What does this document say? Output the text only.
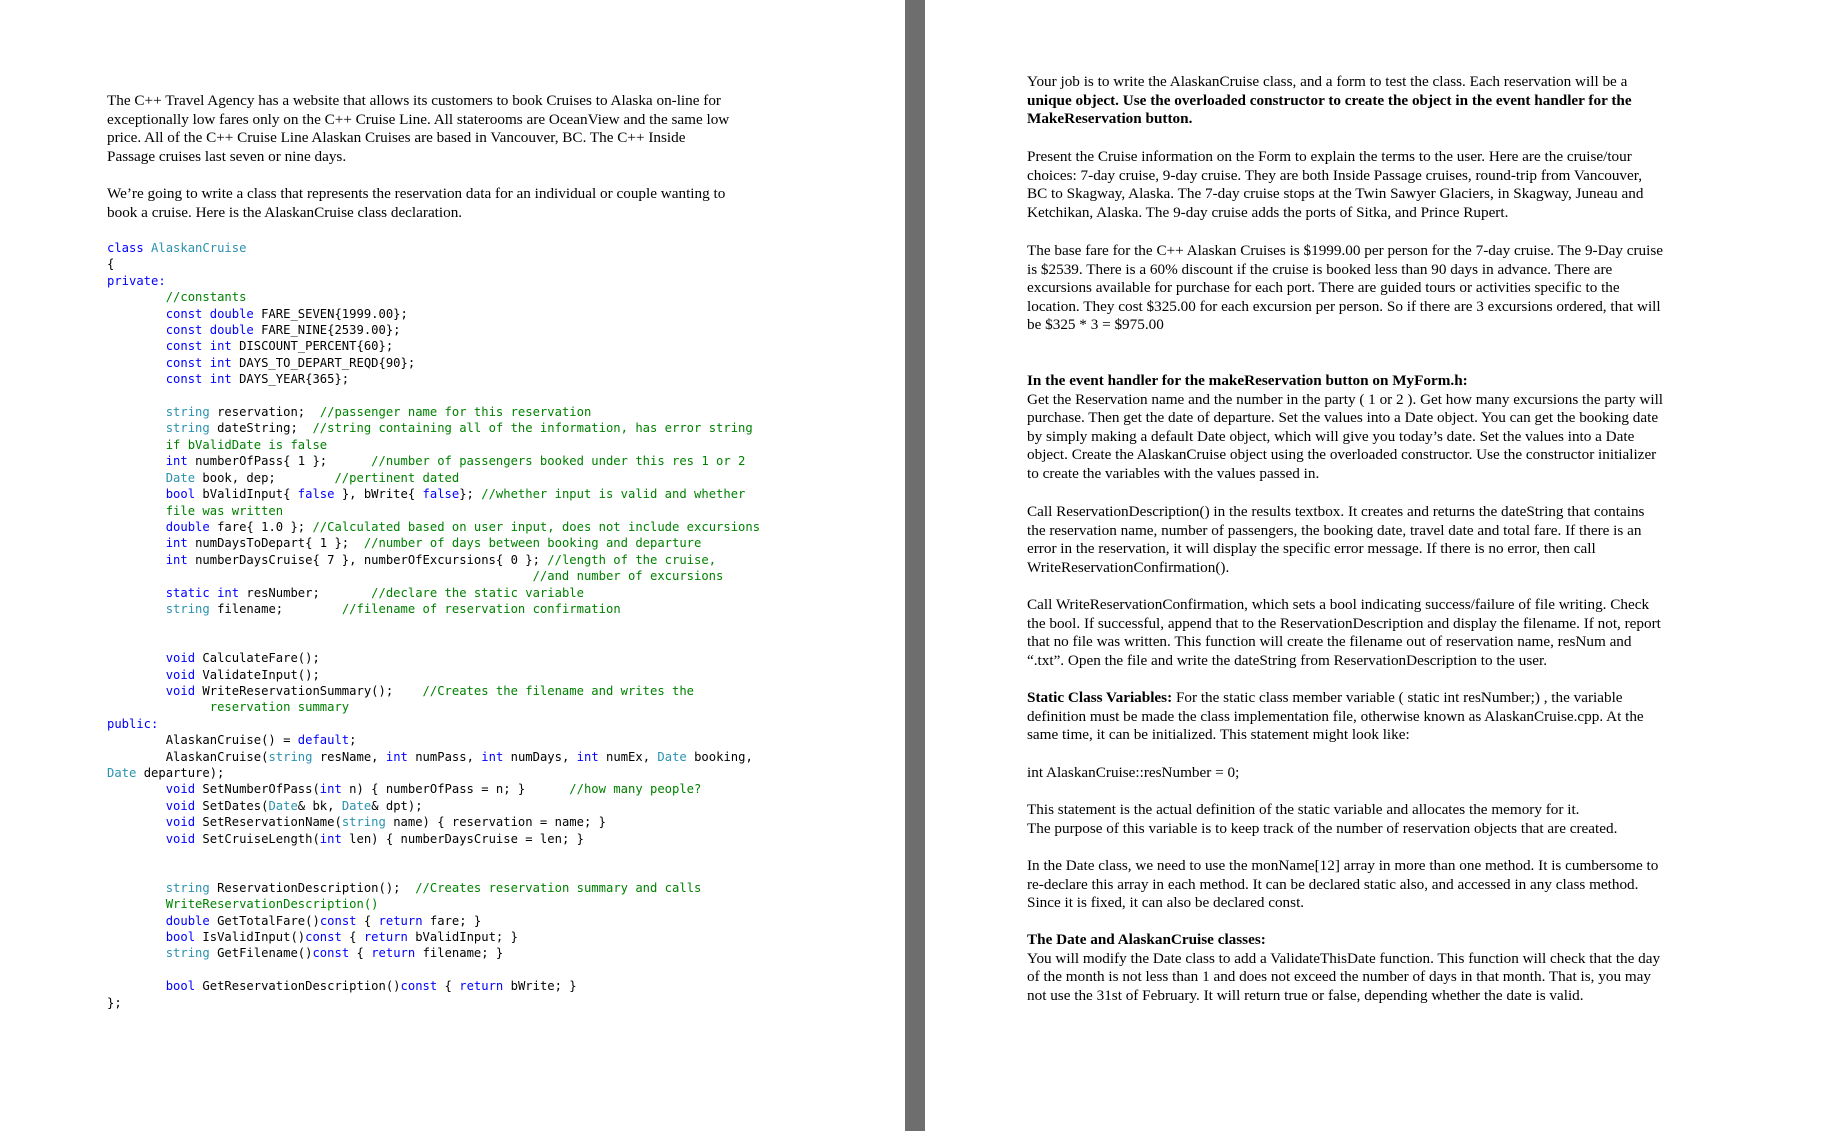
The C++ Travel Agency has a website that allows its customers to book Cruises to Alaska on-line for
exceptionally low fares only on the C++ Cruise Line. All staterooms are OceanView and the same low
price. All of the C++ Cruise Line Alaskan Cruises are based in Vancouver, BC. The C++ Inside
Passage cruises last seven or nine days.
We’re going to write a class that represents the reservation data for an individual or couple wanting to
book a cruise. Here is the AlaskanCruise class declaration.
class AlaskanCruise
{
private:
//constants
const double FARE_SEVEN{1999.00};
const double FARE_NINE{2539.00};
const int DISCOUNT_PERCENT{60};
const int DAYS_TO_DEPART_REQD{90};
const int DAYS_YEAR{365};

string reservation;  //passenger name for this reservation
string dateString;  //string containing all of the information, has error string
if bValidDate is false
int numberOfPass{ 1 };      //number of passengers booked under this res 1 or 2
Date book, dep;        //pertinent dated
bool bValidInput{ false }, bWrite{ false}; //whether input is valid and whether
file was written
double fare{ 1.0 }; //Calculated based on user input, does not include excursions
int numDaysToDepart{ 1 };  //number of days between booking and departure
int numberDaysCruise{ 7 }, numberOfExcursions{ 0 }; //length of the cruise,
//and number of excursions
static int resNumber;       //declare the static variable
string filename;        //filename of reservation confirmation

void CalculateFare();
void ValidateInput();
void WriteReservationSummary();    //Creates the filename and writes the
reservation summary
public:
AlaskanCruise() = default;
AlaskanCruise(string resName, int numPass, int numDays, int numEx, Date booking,
Date departure);
void SetNumberOfPass(int n) { numberOfPass = n; }      //how many people?
void SetDates(Date& bk, Date& dpt);
void SetReservationName(string name) { reservation = name; }
void SetCruiseLength(int len) { numberDaysCruise = len; }

string ReservationDescription();  //Creates reservation summary and calls
WriteReservationDescription()
double GetTotalFare()const { return fare; }
bool IsValidInput()const { return bValidInput; }
string GetFilename()const { return filename; }

bool GetReservationDescription()const { return bWrite; }
};

Your job is to write the AlaskanCruise class, and a form to test the class. Each reservation will be a
unique object. Use the overloaded constructor to create the object in the event handler for the
MakeReservation button.
Present the Cruise information on the Form to explain the terms to the user. Here are the cruise/tour
choices: 7-day cruise, 9-day cruise. They are both Inside Passage cruises, round-trip from Vancouver,
BC to Skagway, Alaska. The 7-day cruise stops at the Twin Sawyer Glaciers, in Skagway, Juneau and
Ketchikan, Alaska. The 9-day cruise adds the ports of Sitka, and Prince Rupert.
The base fare for the C++ Alaskan Cruises is $1999.00 per person for the 7-day cruise. The 9-Day cruise
is $2539. There is a 60% discount if the cruise is booked less than 90 days in advance. There are
excursions available for purchase for each port. There are guided tours or activities specific to the
location. They cost $325.00 for each excursion per person. So if there are 3 excursions ordered, that will
be $325 * 3 = $975.00
In the event handler for the makeReservation button on MyForm.h:
Get the Reservation name and the number in the party ( 1 or 2 ). Get how many excursions the party will
purchase. Then get the date of departure. Set the values into a Date object. You can get the booking date
by simply making a default Date object, which will give you today’s date. Set the values into a Date
object. Create the AlaskanCruise object using the overloaded constructor. Use the constructor initializer
to create the variables with the values passed in.
Call ReservationDescription() in the results textbox. It creates and returns the dateString that contains
the reservation name, number of passengers, the booking date, travel date and total fare. If there is an
error in the reservation, it will display the specific error message. If there is no error, then call
WriteReservationConfirmation().
Call WriteReservationConfirmation, which sets a bool indicating success/failure of file writing. Check
the bool. If successful, append that to the ReservationDescription and display the filename. If not, report
that no file was written. This function will create the filename out of reservation name, resNum and
“.txt”. Open the file and write the dateString from ReservationDescription to the user.
Static Class Variables: For the static class member variable ( static int resNumber;) , the variable
definition must be made the class implementation file, otherwise known as AlaskanCruise.cpp. At the
same time, it can be initialized. This statement might look like:
int AlaskanCruise::resNumber = 0;
This statement is the actual definition of the static variable and allocates the memory for it.
The purpose of this variable is to keep track of the number of reservation objects that are created.
In the Date class, we need to use the monName[12] array in more than one method. It is cumbersome to
re-declare this array in each method. It can be declared static also, and accessed in any class method.
Since it is fixed, it can also be declared const.
The Date and AlaskanCruise classes:
You will modify the Date class to add a ValidateThisDate function. This function will check that the day
of the month is not less than 1 and does not exceed the number of days in that month. That is, you may
not use the 31st of February. It will return true or false, depending whether the date is valid.
